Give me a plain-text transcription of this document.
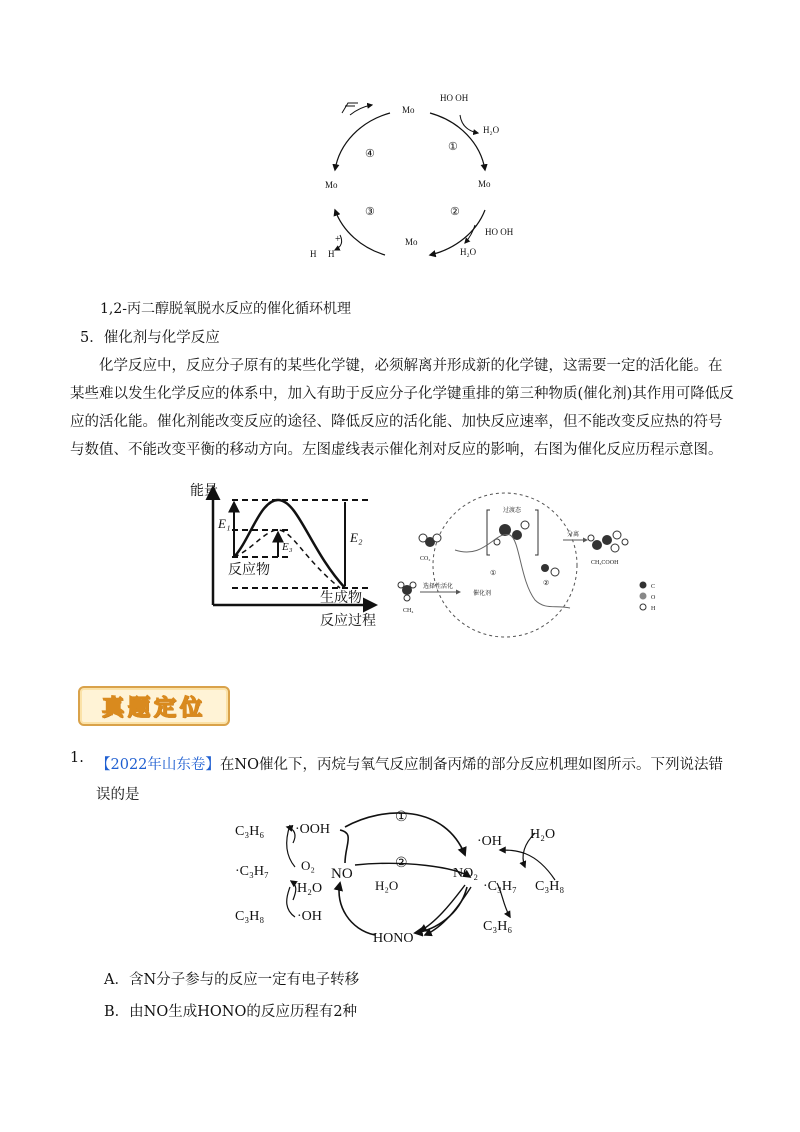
Mo
HO OH
H₂O
①
Mo
②
HO OH
H₂O
Mo
③
Mo
④
H H
+
1,2-丙二醇脱氧脱水反应的催化循环机理
5．催化剂与化学反应
化学反应中，反应分子原有的某些化学键，必须解离并形成新的化学键，这需要一定的活化能。在某些难以发生化学反应的体系中，加入有助于反应分子化学键重排的第三种物质(催化剂)其作用可降低反应的活化能。催化剂能改变反应的途径、降低反应的活化能、加快反应速率，但不能改变反应热的符号与数值、不能改变平衡的移动方向。左图虚线表示催化剂对反应的影响，右图为催化反应历程示意图。
能量
E₁
E₃
E₂
反应物
生成物
反应过程
CO₂
CH₄
选择性活化
过渡态
催化剂
①
②
分离
CH₃COOH
C
O
H
真题定位
1. 【2022年山东卷】在NO催化下，丙烷与氧气反应制备丙烯的部分反应机理如图所示。下列说法错误的是
①
②
C₃H₆ ·OOH
O₂
·C₃H₇
H₂O
C₃H₈ ·OH
NO
H₂O
HONO
·OH H₂O
NO₂
·C₃H₇ C₃H₈
C₃H₆
A．含N分子参与的反应一定有电子转移
B．由NO生成HONO的反应历程有2种
